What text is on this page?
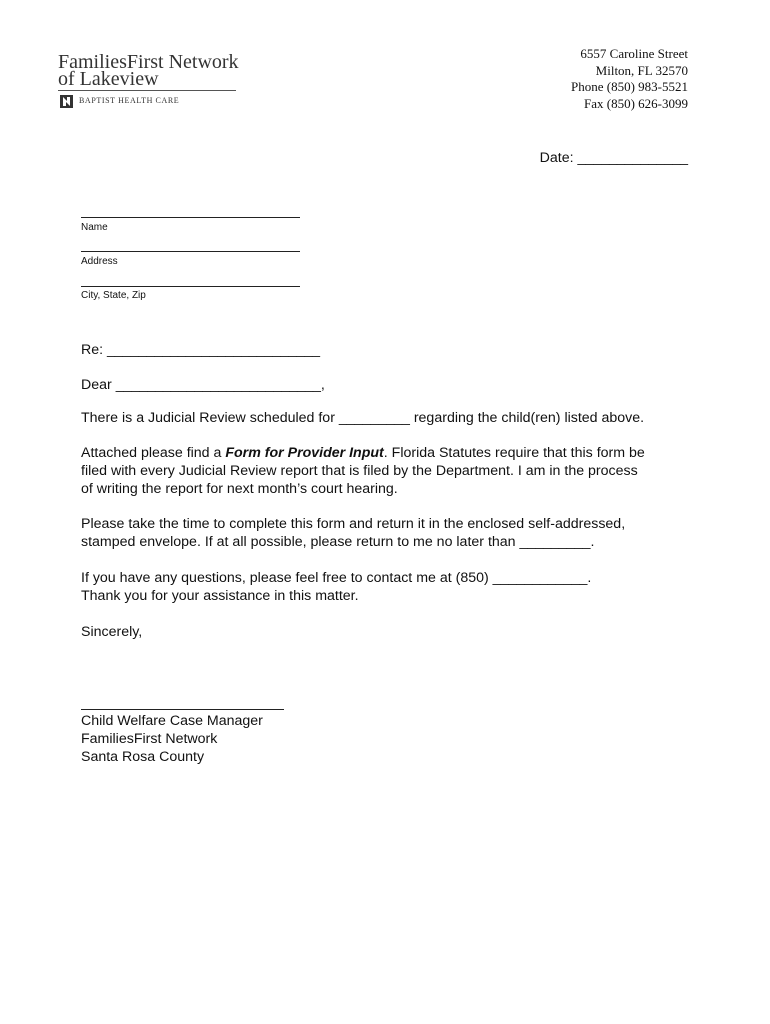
FamiliesFirst Network
of Lakeview
BAPTIST HEALTH CARE
6557 Caroline Street
Milton, FL 32570
Phone (850) 983-5521
Fax (850) 626-3099
Date: ______________
Name
Address
City, State, Zip
Re: ___________________________
Dear __________________________,
There is a Judicial Review scheduled for _________ regarding the child(ren) listed above.
Attached please find a Form for Provider Input. Florida Statutes require that this form be
filed with every Judicial Review report that is filed by the Department. I am in the process
of writing the report for next month’s court hearing.
Please take the time to complete this form and return it in the enclosed self-addressed,
stamped envelope. If at all possible, please return to me no later than _________.
If you have any questions, please feel free to contact me at (850) ____________.
Thank you for your assistance in this matter.
Sincerely,
Child Welfare Case Manager
FamiliesFirst Network
Santa Rosa County
